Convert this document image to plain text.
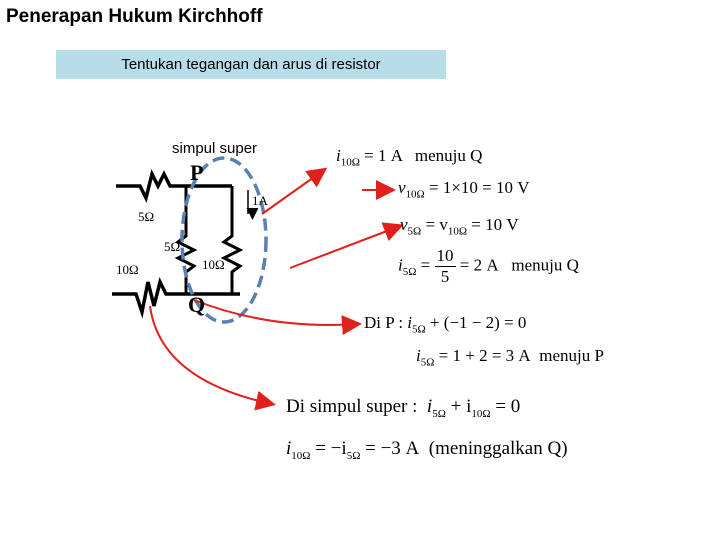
Penerapan Hukum Kirchhoff
Tentukan tegangan dan arus di resistor
simpul super
P
Q
5Ω
5Ω
10Ω	10Ω
1A
$i_{10\Omega} = 1$ A menuju Q
$v_{10\Omega} = 1\times 10 = 10$ V
$v_{5\Omega} = v_{10\Omega} = 10$ V
$i_{5\Omega} = \frac{10}{5} = 2$ A menuju Q
Di P : $i_{5\Omega} + (-1 - 2) = 0$
$i_{5\Omega} = 1 + 2 = 3$ A menuju P
Di simpul super : $i_{5\Omega} + i_{10\Omega} = 0$
$i_{10\Omega} = -i_{5\Omega} = -3$ A (meninggalkan Q)
